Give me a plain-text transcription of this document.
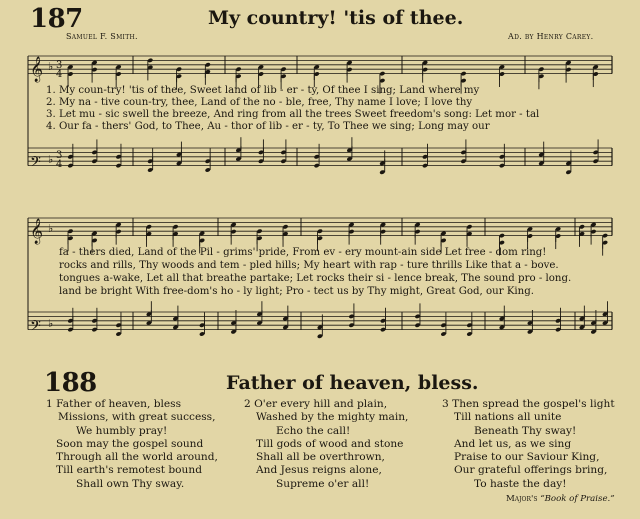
187	My country! 'tis of thee.
Samuel F. Smith.	Ad. by Henry Carey.
𝄞
𝄢
♭
♭
3
4
3
4
𝄞
𝄢
♭
♭
1. My coun-try! 'tis of thee, Sweet land of lib - er - ty, Of thee I sing; Land where my
2. My na - tive coun-try, thee, Land of the no - ble, free, Thy name I love; I love thy
3. Let mu - sic swell the breeze, And ring from all the trees Sweet freedom's song: Let mor - tal
4. Our fa - thers' God, to Thee, Au - thor of lib - er - ty, To Thee we sing; Long may our
fa - thers died, Land of the Pil - grims' pride, From ev - ery mount-ain side Let free - dom ring!
rocks and rills, Thy woods and tem - pled hills; My heart with rap - ture thrills Like that a - bove.
tongues a-wake, Let all that breathe partake; Let rocks their si - lence break, The sound pro - long.
land be bright With free-dom's ho - ly light; Pro - tect us by Thy might, Great God, our King.
188	Father of heaven, bless.
1 Father of heaven, bless
Missions, with great success,
We humbly pray!
Soon may the gospel sound
Through all the world around,
Till earth's remotest bound
Shall own Thy sway.
2 O'er every hill and plain,
Washed by the mighty main,
Echo the call!
Till gods of wood and stone
Shall all be overthrown,
And Jesus reigns alone,
Supreme o'er all!
3 Then spread the gospel's light
Till nations all unite
Beneath Thy sway!
And let us, as we sing
Praise to our Saviour King,
Our grateful offerings bring,
To haste the day!
Major's “Book of Praise.”
